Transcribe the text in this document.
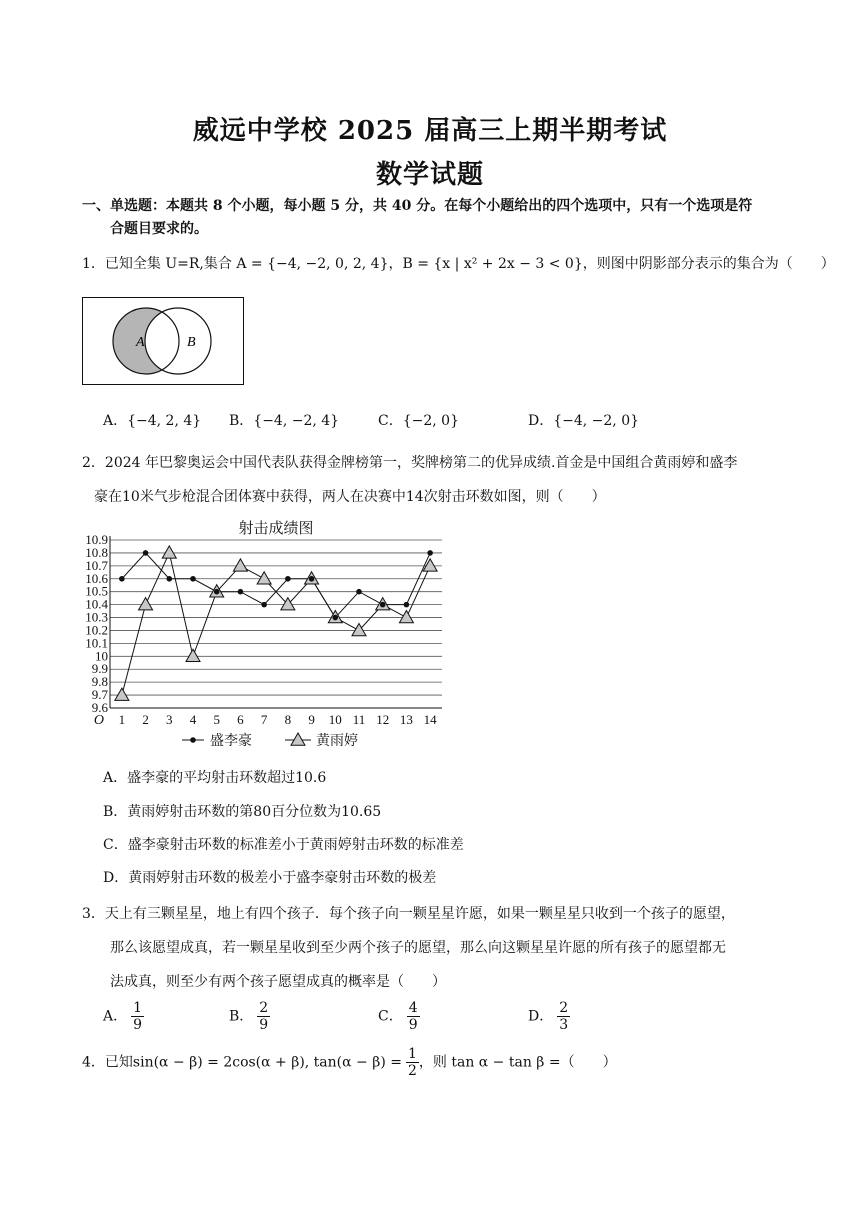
威远中学校 2025 届高三上期半期考试
数学试题
一、单选题：本题共 8 个小题，每小题 5 分，共 40 分。在每个小题给出的四个选项中，只有一个选项是符
合题目要求的。
1．已知全集 U=R,集合 A = {−4, −2, 0, 2, 4}，B = {x | x² + 2x − 3 < 0}，则图中阴影部分表示的集合为（　　）
A	B
A．{−4, 2, 4} B．{−4, −2, 4}	C．{−2, 0}	D．{−4, −2, 0}
2．2024 年巴黎奥运会中国代表队获得金牌榜第一，奖牌榜第二的优异成绩.首金是中国组合黄雨婷和盛李
豪在10米气步枪混合团体赛中获得，两人在决赛中14次射击环数如图，则（　　）
射击成绩图
9.6
9.7
9.8
9.9
10
10.1
10.2
10.3
10.4
10.5
10.6
10.7
10.8
10.9
O 1 2 3 4 5 6 7 8 9 10 11 12 13 14
盛李豪	黄雨婷
A．盛李豪的平均射击环数超过10.6
B．黄雨婷射击环数的第80百分位数为10.65
C．盛李豪射击环数的标准差小于黄雨婷射击环数的标准差
D．黄雨婷射击环数的极差小于盛李豪射击环数的极差
3．天上有三颗星星，地上有四个孩子．每个孩子向一颗星星许愿，如果一颗星星只收到一个孩子的愿望，
那么该愿望成真，若一颗星星收到至少两个孩子的愿望，那么向这颗星星许愿的所有孩子的愿望都无
法成真，则至少有两个孩子愿望成真的概率是（　　）
A． $\frac{1}{9}$	B． $\frac{2}{9}$	C． $\frac{4}{9}$	D． $\frac{2}{3}$
4．已知sin(α − β) = 2cos(α + β), $\tan(\alpha - \beta) = \frac{1}{2}$ ，则 tan α − tan β =（　　）
